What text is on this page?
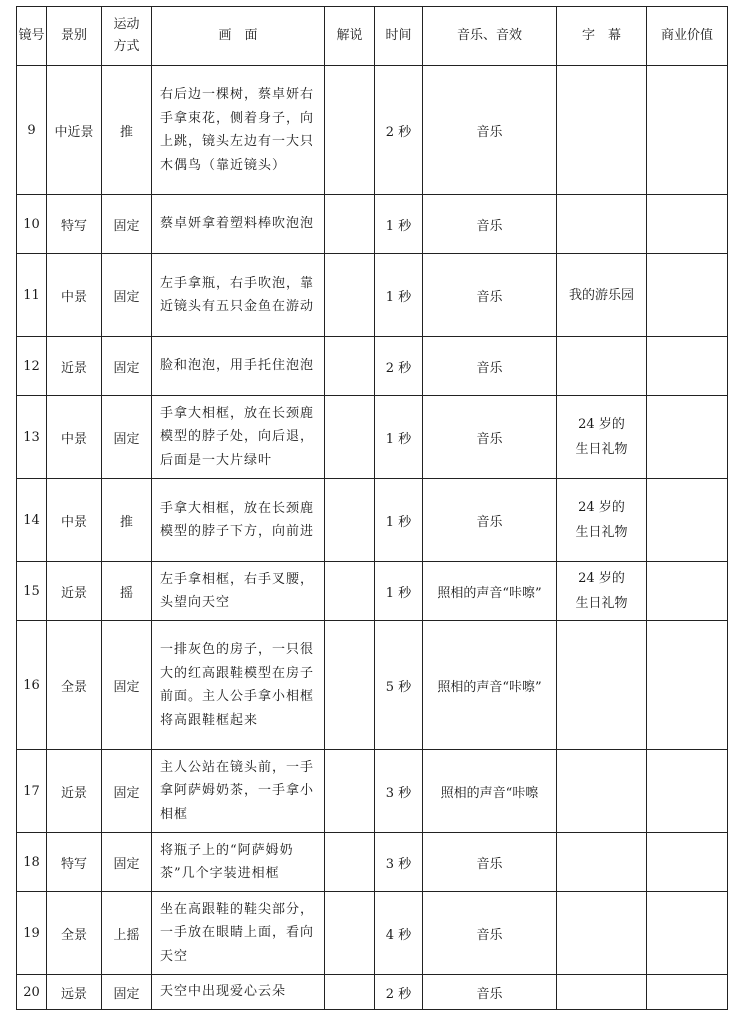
镜号	景别	运动方式	画　面	解说	时间	音乐、音效	字　幕	商业价值
9	中近景	推	右后边一棵树，蔡卓妍右手拿束花，侧着身子，向上跳，镜头左边有一大只木偶鸟（靠近镜头）		2 秒	音乐		
10	特写	固定	蔡卓妍拿着塑料棒吹泡泡		1 秒	音乐		
11	中景	固定	左手拿瓶，右手吹泡，靠近镜头有五只金鱼在游动		1 秒	音乐	我的游乐园	
12	近景	固定	脸和泡泡，用手托住泡泡		2 秒	音乐		
13	中景	固定	手拿大相框，放在长颈鹿模型的脖子处，向后退，后面是一大片绿叶		1 秒	音乐	24 岁的
生日礼物	
14	中景	推	手拿大相框，放在长颈鹿模型的脖子下方，向前进		1 秒	音乐	24 岁的
生日礼物	
15	近景	摇	左手拿相框，右手叉腰，头望向天空		1 秒	照相的声音“咔嚓”	24 岁的
生日礼物	
16	全景	固定	一排灰色的房子，一只很大的红高跟鞋模型在房子前面。主人公手拿小相框将高跟鞋框起来		5 秒	照相的声音“咔嚓”		
17	近景	固定	主人公站在镜头前，一手拿阿萨姆奶茶，一手拿小相框		3 秒	照相的声音“咔嚓		
18	特写	固定	将瓶子上的“阿萨姆奶茶”几个字装进相框		3 秒	音乐		
19	全景	上摇	坐在高跟鞋的鞋尖部分，一手放在眼睛上面，看向天空		4 秒	音乐		
20	远景	固定	天空中出现爱心云朵		2 秒	音乐		
